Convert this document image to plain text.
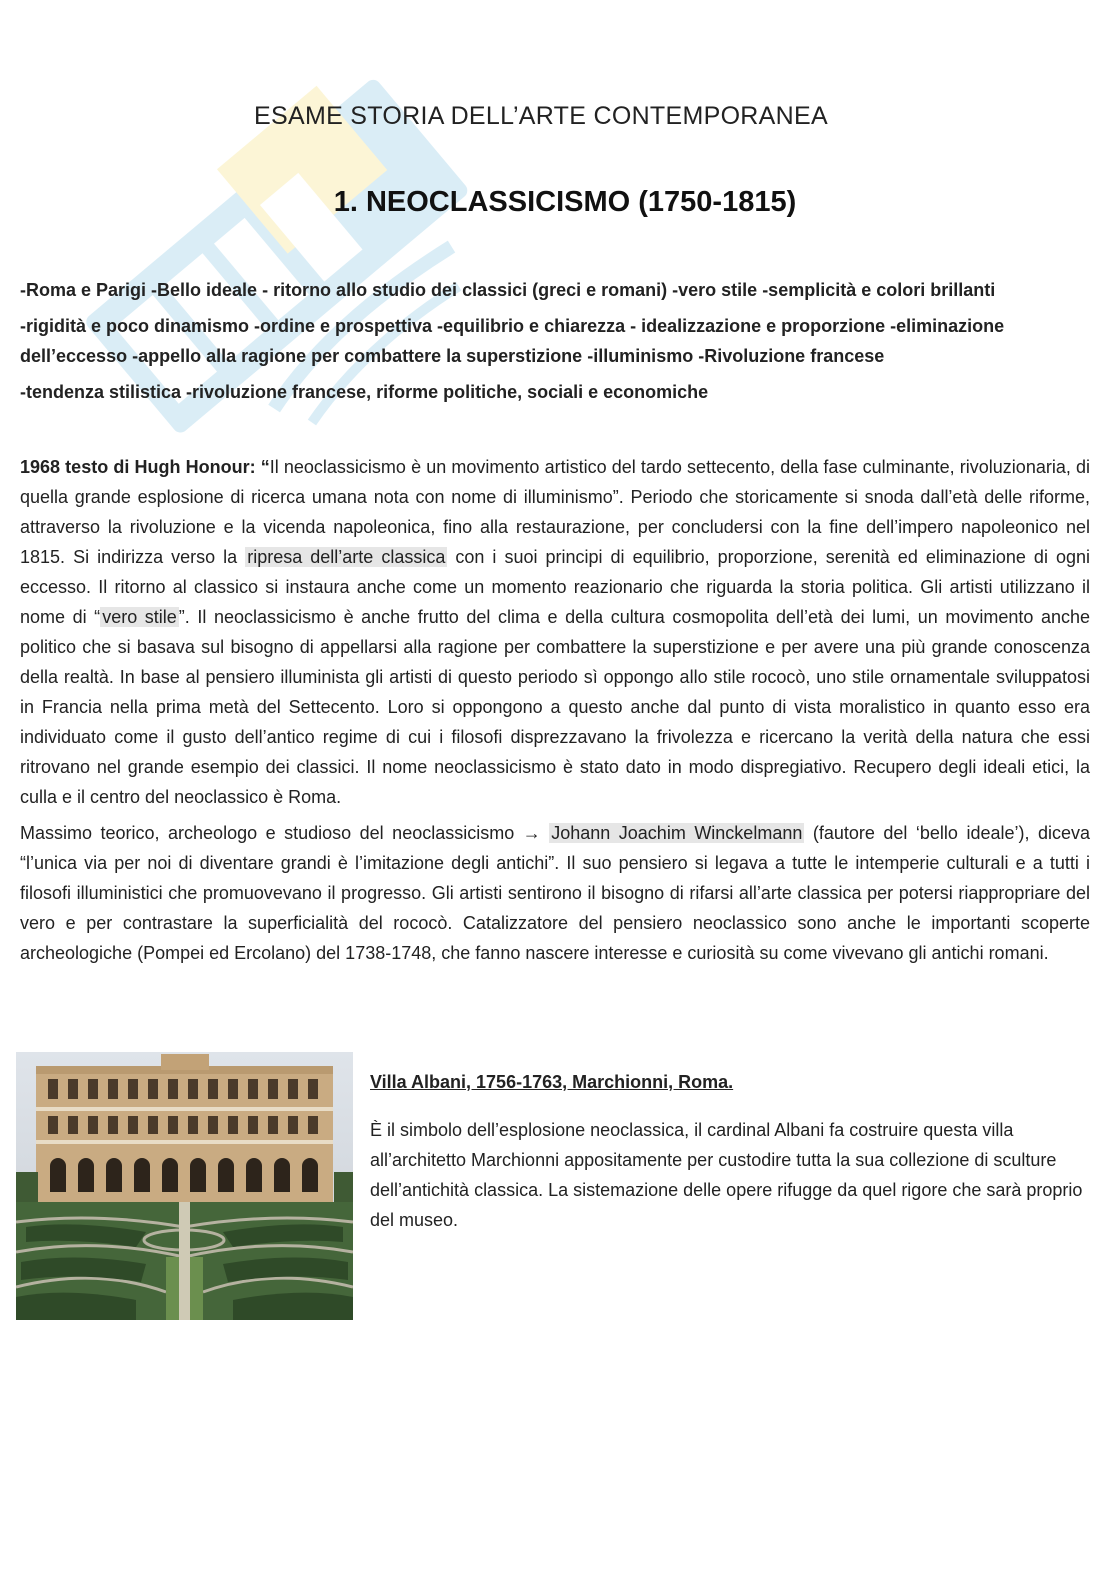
ESAME STORIA DELL’ARTE CONTEMPORANEA
1. NEOCLASSICISMO (1750-1815)

-Roma e Parigi -Bello ideale - ritorno allo studio dei classici (greci e romani) -vero stile -semplicità e colori brillanti

-rigidità e poco dinamismo -ordine e prospettiva -equilibrio e chiarezza - idealizzazione e proporzione -eliminazione dell’eccesso -appello alla ragione per combattere la superstizione -illuminismo -Rivoluzione francese

-tendenza stilistica -rivoluzione francese, riforme politiche, sociali e economiche

1968 testo di Hugh Honour: “Il neoclassicismo è un movimento artistico del tardo settecento, della fase culminante, rivoluzionaria, di quella grande esplosione di ricerca umana nota con nome di illuminismo”. Periodo che storicamente si snoda dall’età delle riforme, attraverso la rivoluzione e la vicenda napoleonica, fino alla restaurazione, per concludersi con la fine dell’impero napoleonico nel 1815. Si indirizza verso la ripresa dell’arte classica con i suoi principi di equilibrio, proporzione, serenità ed eliminazione di ogni eccesso. Il ritorno al classico si instaura anche come un momento reazionario che riguarda la storia politica. Gli artisti utilizzano il nome di “ vero stile ”. Il neoclassicismo è anche frutto del clima e della cultura cosmopolita dell’età dei lumi, un movimento anche politico che si basava sul bisogno di appellarsi alla ragione per combattere la superstizione e per avere una più grande conoscenza della realtà. In base al pensiero illuminista gli artisti di questo periodo sì oppongo allo stile rococò, uno stile ornamentale sviluppatosi in Francia nella prima metà del Settecento. Loro si oppongono a questo anche dal punto di vista moralistico in quanto esso era individuato come il gusto dell’antico regime di cui i filosofi disprezzavano la frivolezza e ricercano la verità della natura che essi ritrovano nel grande esempio dei classici. Il nome neoclassicismo è stato dato in modo dispregiativo. Recupero degli ideali etici, la culla e il centro del neoclassico è Roma.

Massimo teorico, archeologo e studioso del neoclassicismo → Johann Joachim Winckelmann (fautore del ‘bello ideale’), diceva “l’unica via per noi di diventare grandi è l’imitazione degli antichi”. Il suo pensiero si legava a tutte le intemperie culturali e a tutti i filosofi illuministici che promuovevano il progresso. Gli artisti sentirono il bisogno di rifarsi all’arte classica per potersi riappropriare del vero e per contrastare la superficialità del rococò. Catalizzatore del pensiero neoclassico sono anche le importanti scoperte archeologiche (Pompei ed Ercolano) del 1738-1748, che fanno nascere interesse e curiosità su come vivevano gli antichi romani.

Villa Albani, 1756-1763, Marchionni, Roma.

È il simbolo dell’esplosione neoclassica, il cardinal Albani fa costruire questa villa all’architetto Marchionni appositamente per custodire tutta la sua collezione di sculture dell’antichità classica. La sistemazione delle opere rifugge da quel rigore che sarà proprio del museo.
